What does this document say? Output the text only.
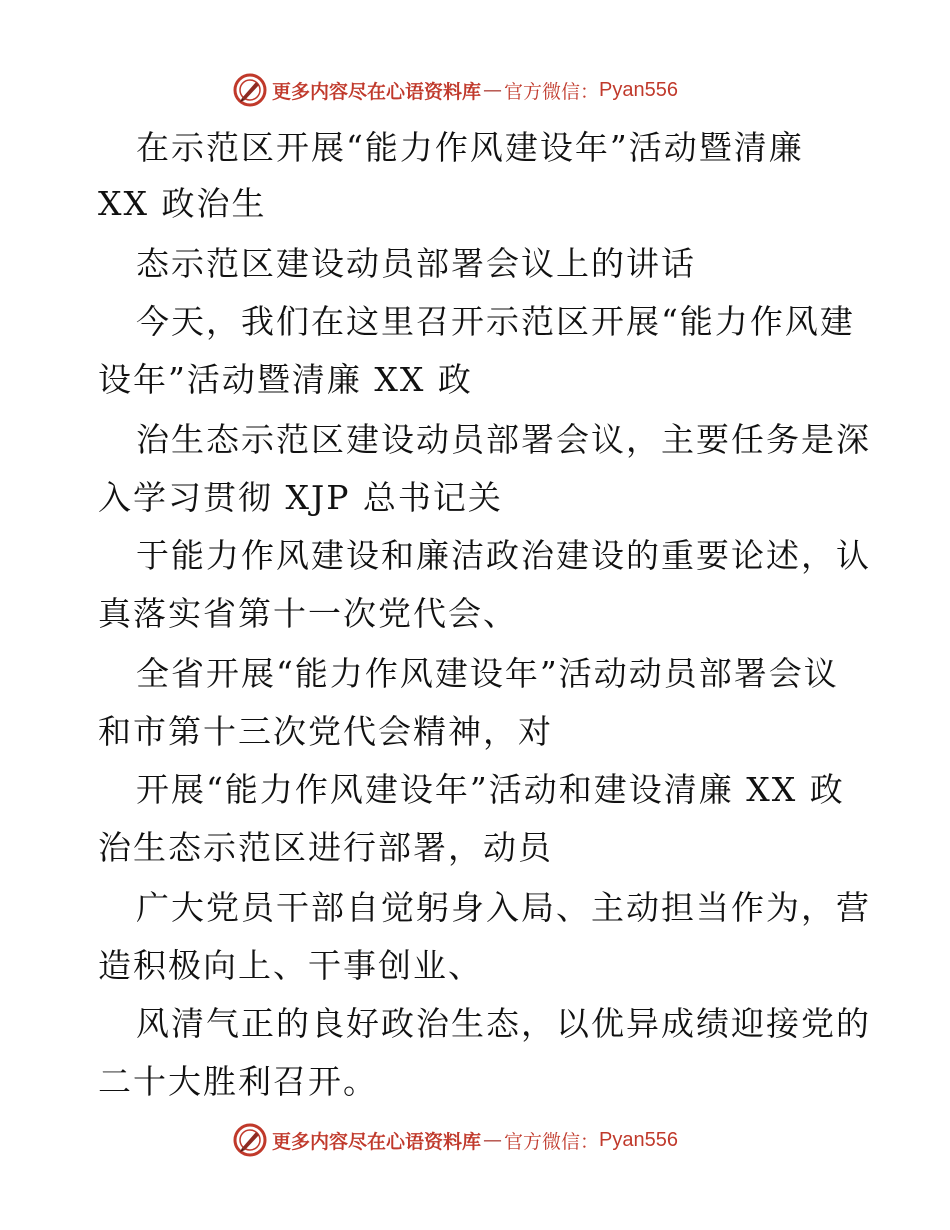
更多内容尽在心语资料库 — 官方微信： Pyan556
在示范区开展“能力作风建设年”活动暨清廉
XX 政治生
态示范区建设动员部署会议上的讲话
今天，我们在这里召开示范区开展“能力作风建
设年”活动暨清廉 XX 政
治生态示范区建设动员部署会议，主要任务是深
入学习贯彻 XJP 总书记关
于能力作风建设和廉洁政治建设的重要论述，认
真落实省第十一次党代会、
全省开展“能力作风建设年”活动动员部署会议
和市第十三次党代会精神，对
开展“能力作风建设年”活动和建设清廉 XX 政
治生态示范区进行部署，动员
广大党员干部自觉躬身入局、主动担当作为，营
造积极向上、干事创业、
风清气正的良好政治生态，以优异成绩迎接党的
二十大胜利召开。
更多内容尽在心语资料库 — 官方微信： Pyan556
